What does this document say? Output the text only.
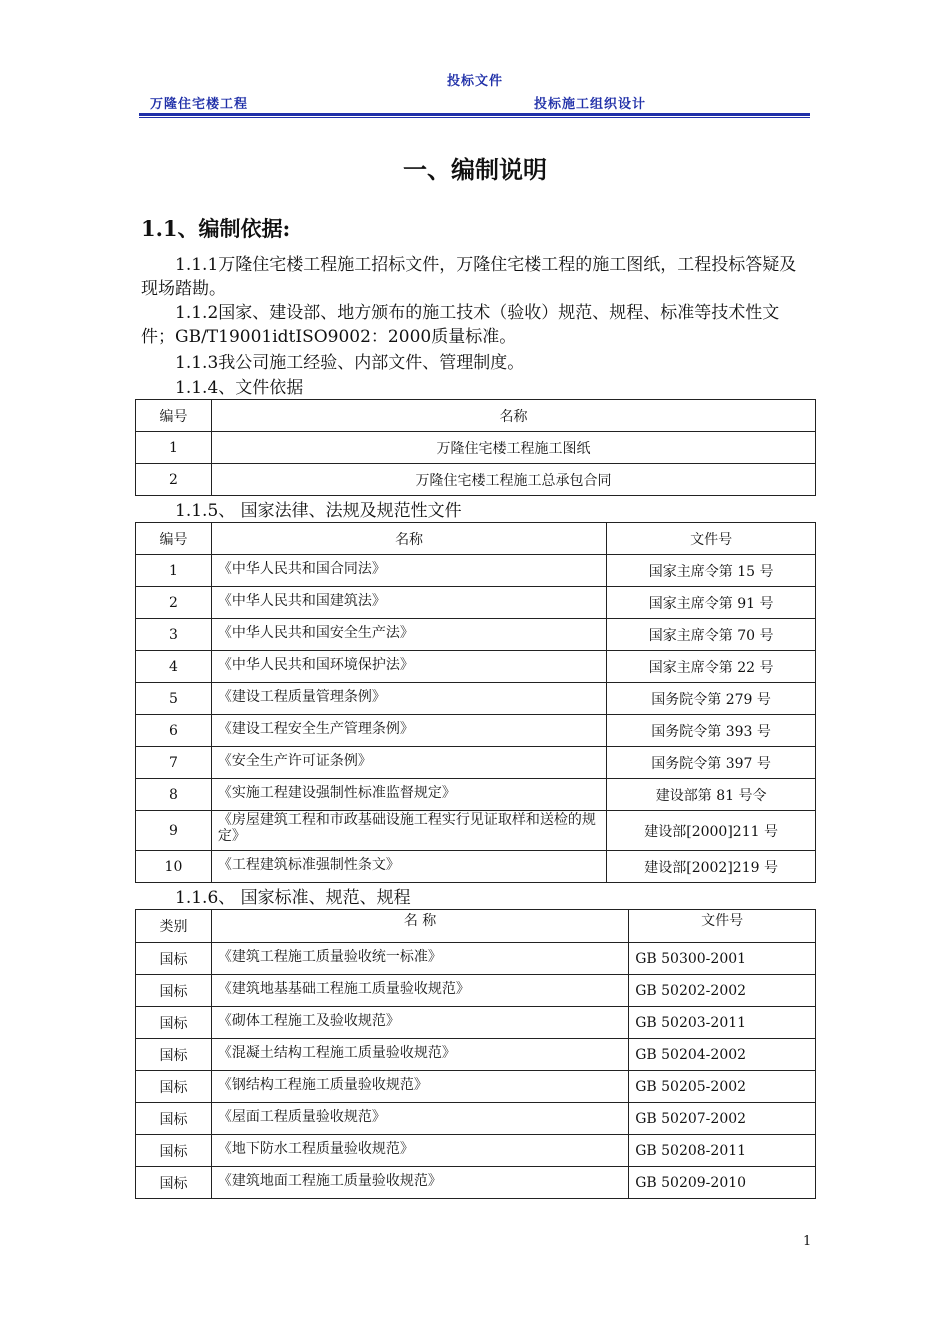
投标文件
万隆住宅楼工程	投标施工组织设计
一、编制说明
1.1、编制依据:

1.1.1万隆住宅楼工程施工招标文件，万隆住宅楼工程的施工图纸，工程投标答疑及现场踏勘。

1.1.2国家、建设部、地方颁布的施工技术（验收）规范、规程、标准等技术性文件；GB/T19001idtISO9002：2000质量标准。

1.1.3我公司施工经验、内部文件、管理制度。
1.1.4、文件依据
编号	名称
1	万隆住宅楼工程施工图纸
2	万隆住宅楼工程施工总承包合同
1.1.5、 国家法律、法规及规范性文件
编号	名称	文件号
1	《中华人民共和国合同法》	国家主席令第 15 号
2	《中华人民共和国建筑法》	国家主席令第 91 号
3	《中华人民共和国安全生产法》	国家主席令第 70 号
4	《中华人民共和国环境保护法》	国家主席令第 22 号
5	《建设工程质量管理条例》	国务院令第 279 号
6	《建设工程安全生产管理条例》	国务院令第 393 号
7	《安全生产许可证条例》	国务院令第 397 号
8	《实施工程建设强制性标准监督规定》	建设部第 81 号令
9	《房屋建筑工程和市政基础设施工程实行见证取样和送检的规定》	建设部[2000]211 号
10	《工程建筑标准强制性条文》	建设部[2002]219 号
1.1.6、 国家标准、规范、规程
类别	名 称	文件号
国标	《建筑工程施工质量验收统一标准》	GB 50300-2001
国标	《建筑地基基础工程施工质量验收规范》	GB 50202-2002
国标	《砌体工程施工及验收规范》	GB 50203-2011
国标	《混凝土结构工程施工质量验收规范》	GB 50204-2002
国标	《钢结构工程施工质量验收规范》	GB 50205-2002
国标	《屋面工程质量验收规范》	GB 50207-2002
国标	《地下防水工程质量验收规范》	GB 50208-2011
国标	《建筑地面工程施工质量验收规范》	GB 50209-2010
1
